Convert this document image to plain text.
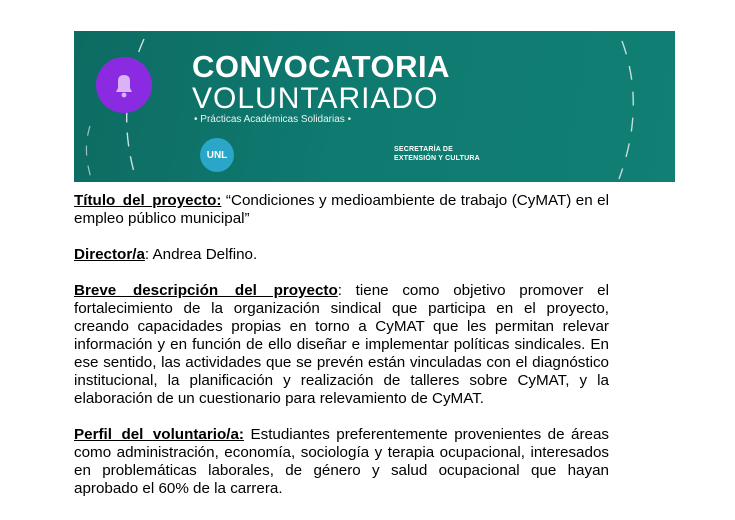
CONVOCATORIA
VOLUNTARIADO
• Prácticas Académicas Solidarias •
UNL	SECRETARÍA DE
EXTENSIÓN Y CULTURA

Título del proyecto: “Condiciones y medioambiente de trabajo (CyMAT) en el empleo público municipal”

Director/a: Andrea Delfino.

Breve descripción del proyecto: tiene como objetivo promover el fortalecimiento de la organización sindical que participa en el proyecto, creando capacidades propias en torno a CyMAT que les permitan relevar información y en función de ello diseñar e implementar políticas sindicales. En ese sentido, las actividades que se prevén están vinculadas con el diagnóstico institucional, la planificación y realización de talleres sobre CyMAT, y la elaboración de un cuestionario para relevamiento de CyMAT.

Perfil del voluntario/a: Estudiantes preferentemente provenientes de áreas como administración, economía, sociología y terapia ocupacional, interesados en problemáticas laborales, de género y salud ocupacional que hayan aprobado el 60% de la carrera.
